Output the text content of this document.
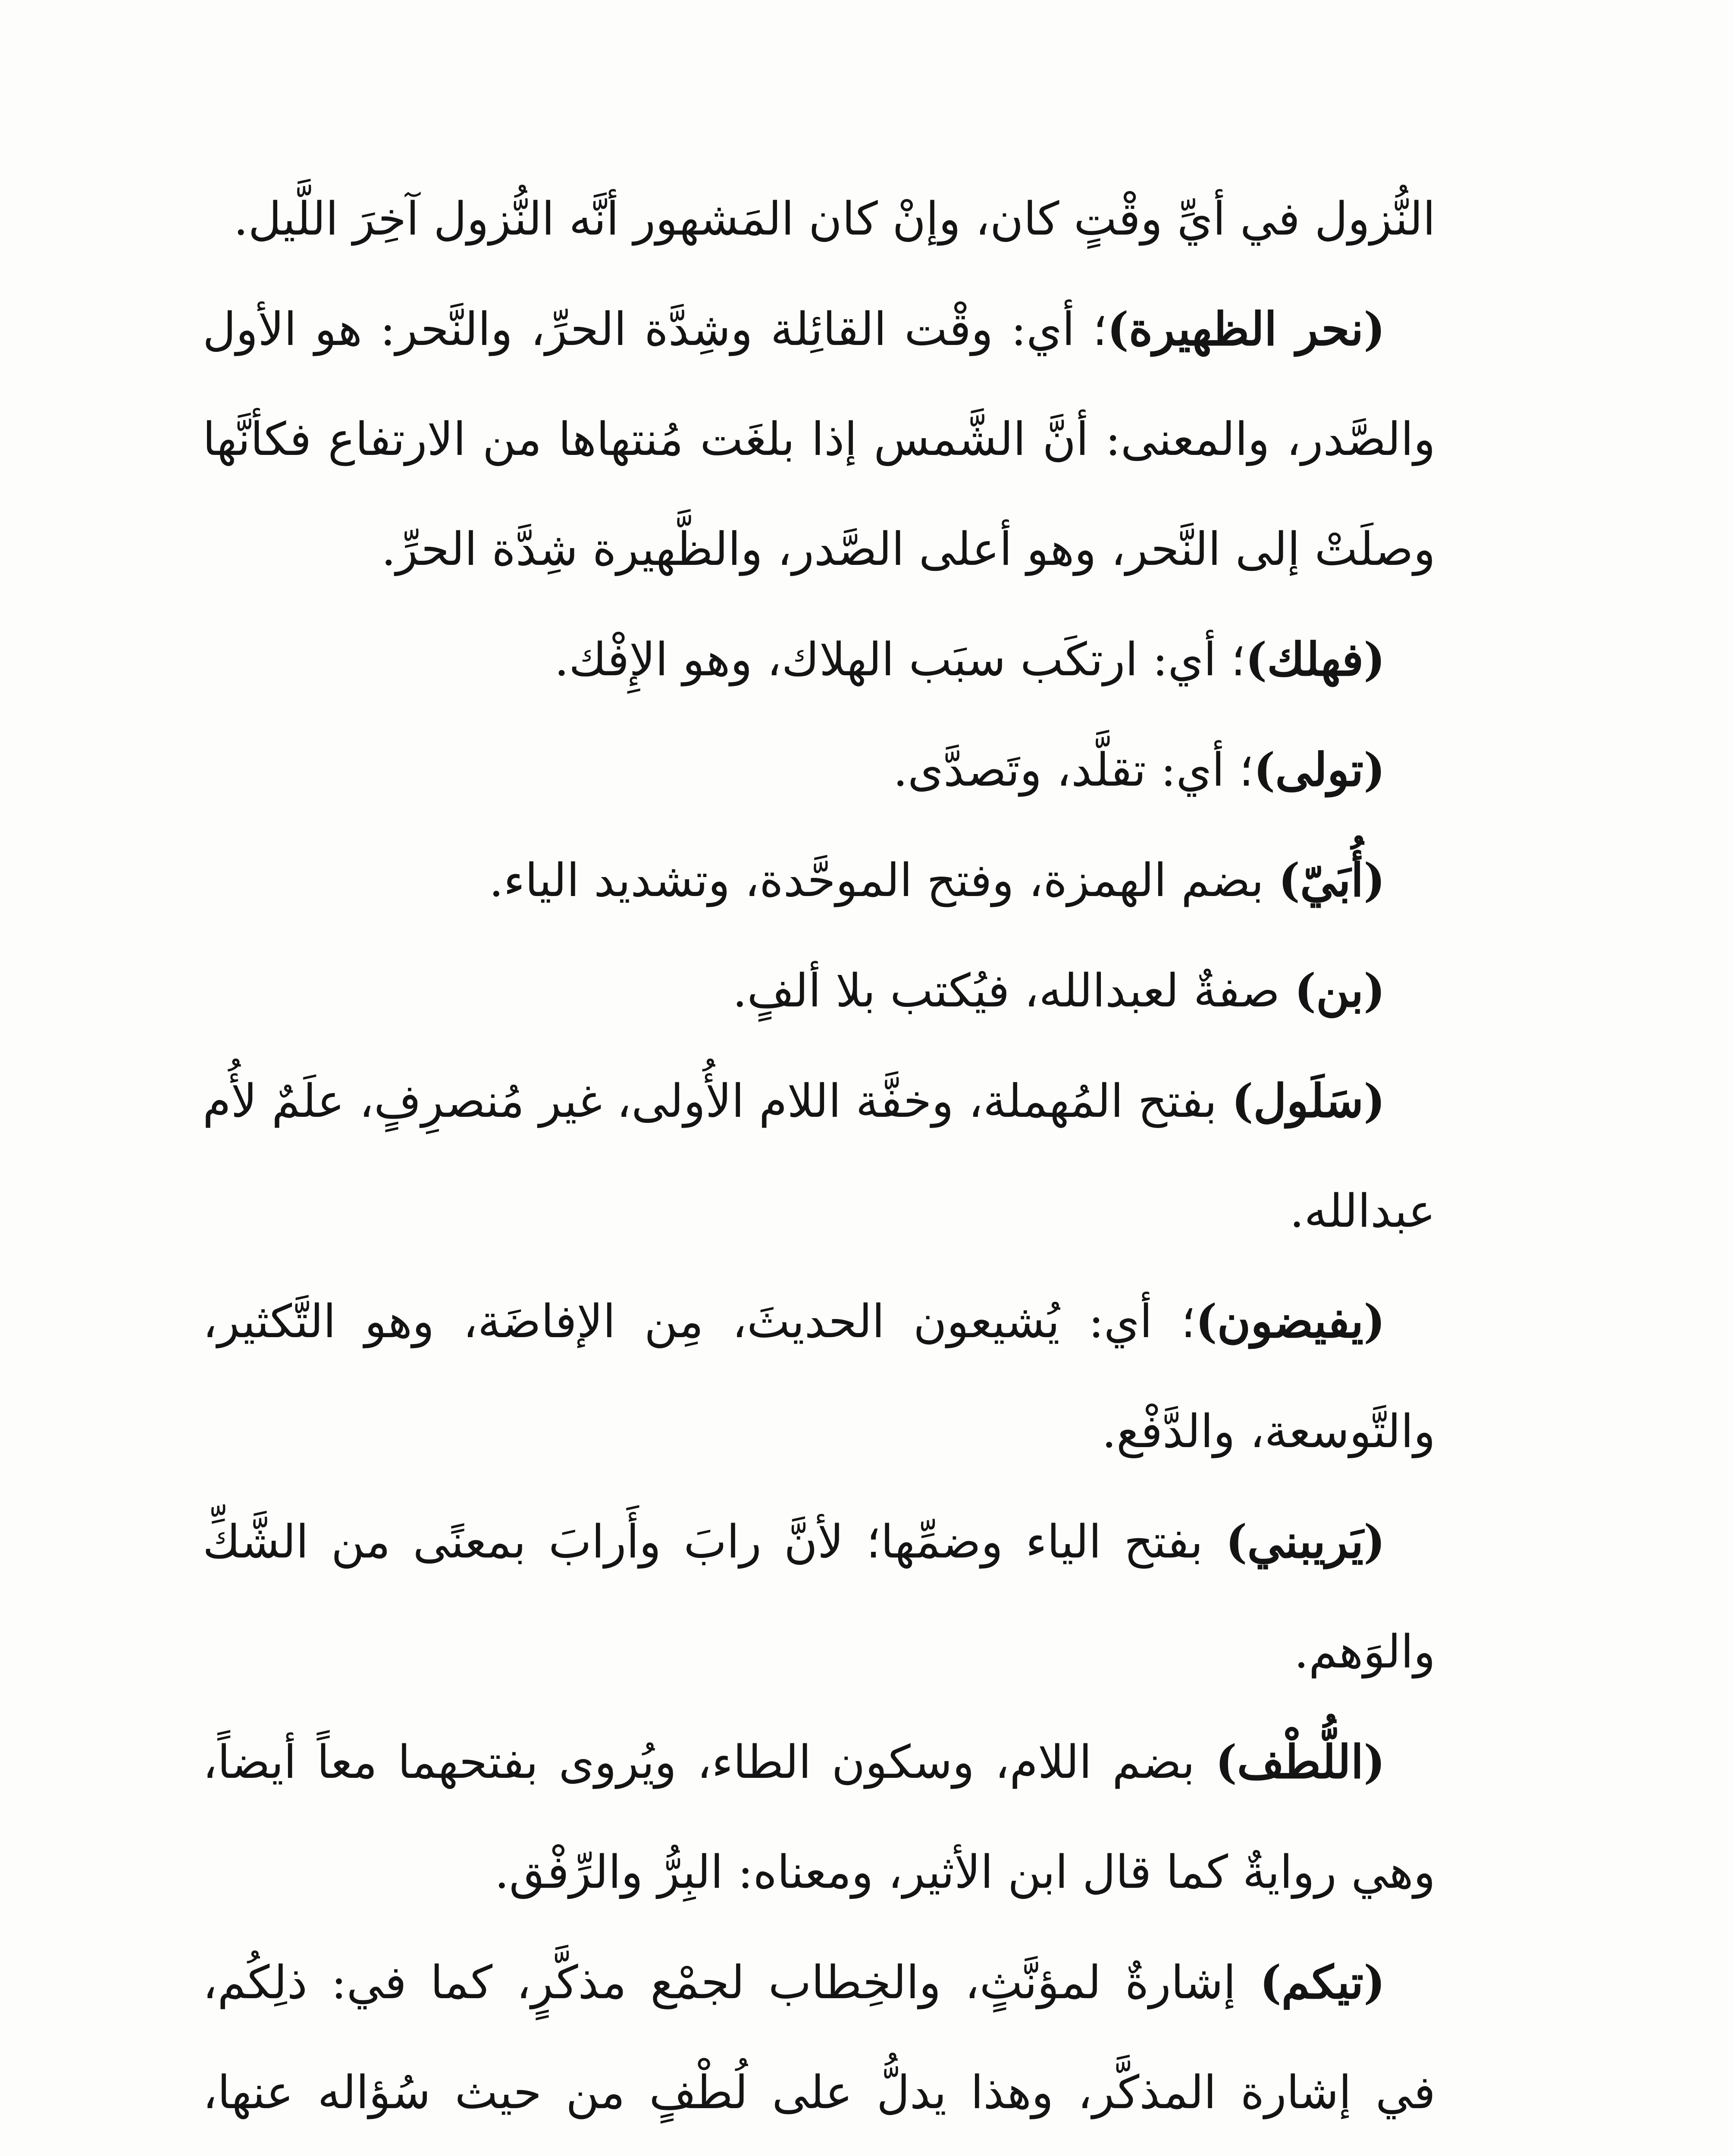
النُّزول في أيِّ وقْتٍ كان، وإنْ كان المَشهور أنَّه النُّزول آخِرَ اللَّيل.

(نحر الظهيرة)؛ أي: وقْت القائِلة وشِدَّة الحرِّ، والنَّحر: هو الأول والصَّدر، والمعنى: أنَّ الشَّمس إذا بلغَت مُنتهاها من الارتفاع فكأنَّها وصلَتْ إلى النَّحر، وهو أعلى الصَّدر، والظَّهيرة شِدَّة الحرِّ.

(فهلك)؛ أي: ارتكَب سبَب الهلاك، وهو الإِفْك.

(تولى)؛ أي: تقلَّد، وتَصدَّى.

(أُبَيّ) بضم الهمزة، وفتح الموحَّدة، وتشديد الياء.

(بن) صفةٌ لعبدالله، فيُكتب بلا ألفٍ.

(سَلَول) بفتح المُهملة، وخفَّة اللام الأُولى، غير مُنصرِفٍ، علَمٌ لأُم عبدالله.

(يفيضون)؛ أي: يُشيعون الحديثَ، مِن الإفاضَة، وهو التَّكثير، والتَّوسعة، والدَّفْع.

(يَريبني) بفتح الياء وضمِّها؛ لأنَّ رابَ وأَرابَ بمعنًى من الشَّكِّ والوَهم.

(اللُّطْف) بضم اللام، وسكون الطاء، ويُروى بفتحهما معاً أيضاً، وهي روايةٌ كما قال ابن الأثير، ومعناه: البِرُّ والرِّفْق.

(تيكم) إشارةٌ لمؤنَّثٍ، والخِطاب لجمْع مذكَّرٍ، كما في: ذلِكُم، في إشارة المذكَّر، وهذا يدلُّ على لُطْفٍ من حيث سُؤاله عنها،
